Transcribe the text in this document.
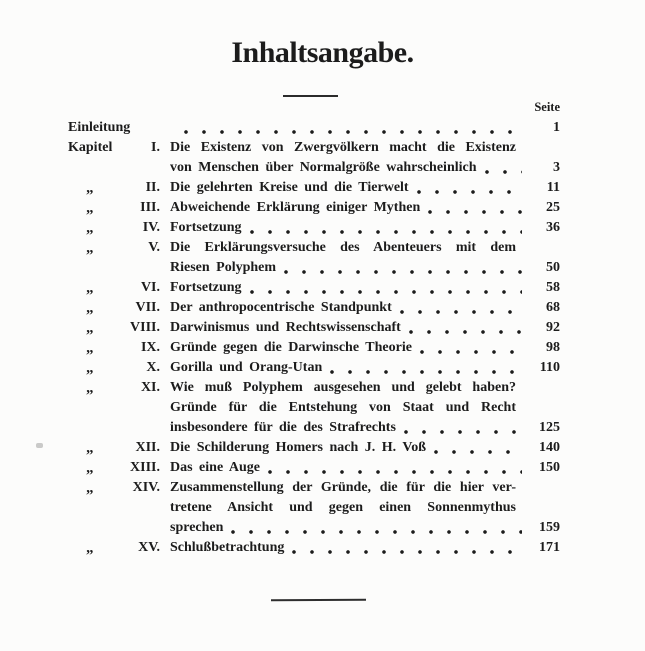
Inhaltsangabe.
Seite
Einleitung	1
Kapitel	I. Die Existenz von Zwergvölkern macht die Existenz
von Menschen über Normalgröße wahrscheinlich	3
„	II. Die gelehrten Kreise und die Tierwelt	11
„	III. Abweichende Erklärung einiger Mythen	25
„	IV. Fortsetzung	36
„	V. Die Erklärungsversuche des Abenteuers mit dem
Riesen Polyphem	50
„	VI. Fortsetzung	58
„	VII. Der anthropocentrische Standpunkt	68
„	VIII. Darwinismus und Rechtswissenschaft	92
„	IX. Gründe gegen die Darwinsche Theorie	98
„	X. Gorilla und Orang-Utan	110
„	XI. Wie muß Polyphem ausgesehen und gelebt haben?
Gründe für die Entstehung von Staat und Recht
insbesondere für die des Strafrechts	125
„	XII. Die Schilderung Homers nach J. H. Voß	140
„	XIII. Das eine Auge	150
„	XIV. Zusammenstellung der Gründe, die für die hier ver-
tretene Ansicht und gegen einen Sonnenmythus
sprechen	159
„	XV. Schlußbetrachtung	171
